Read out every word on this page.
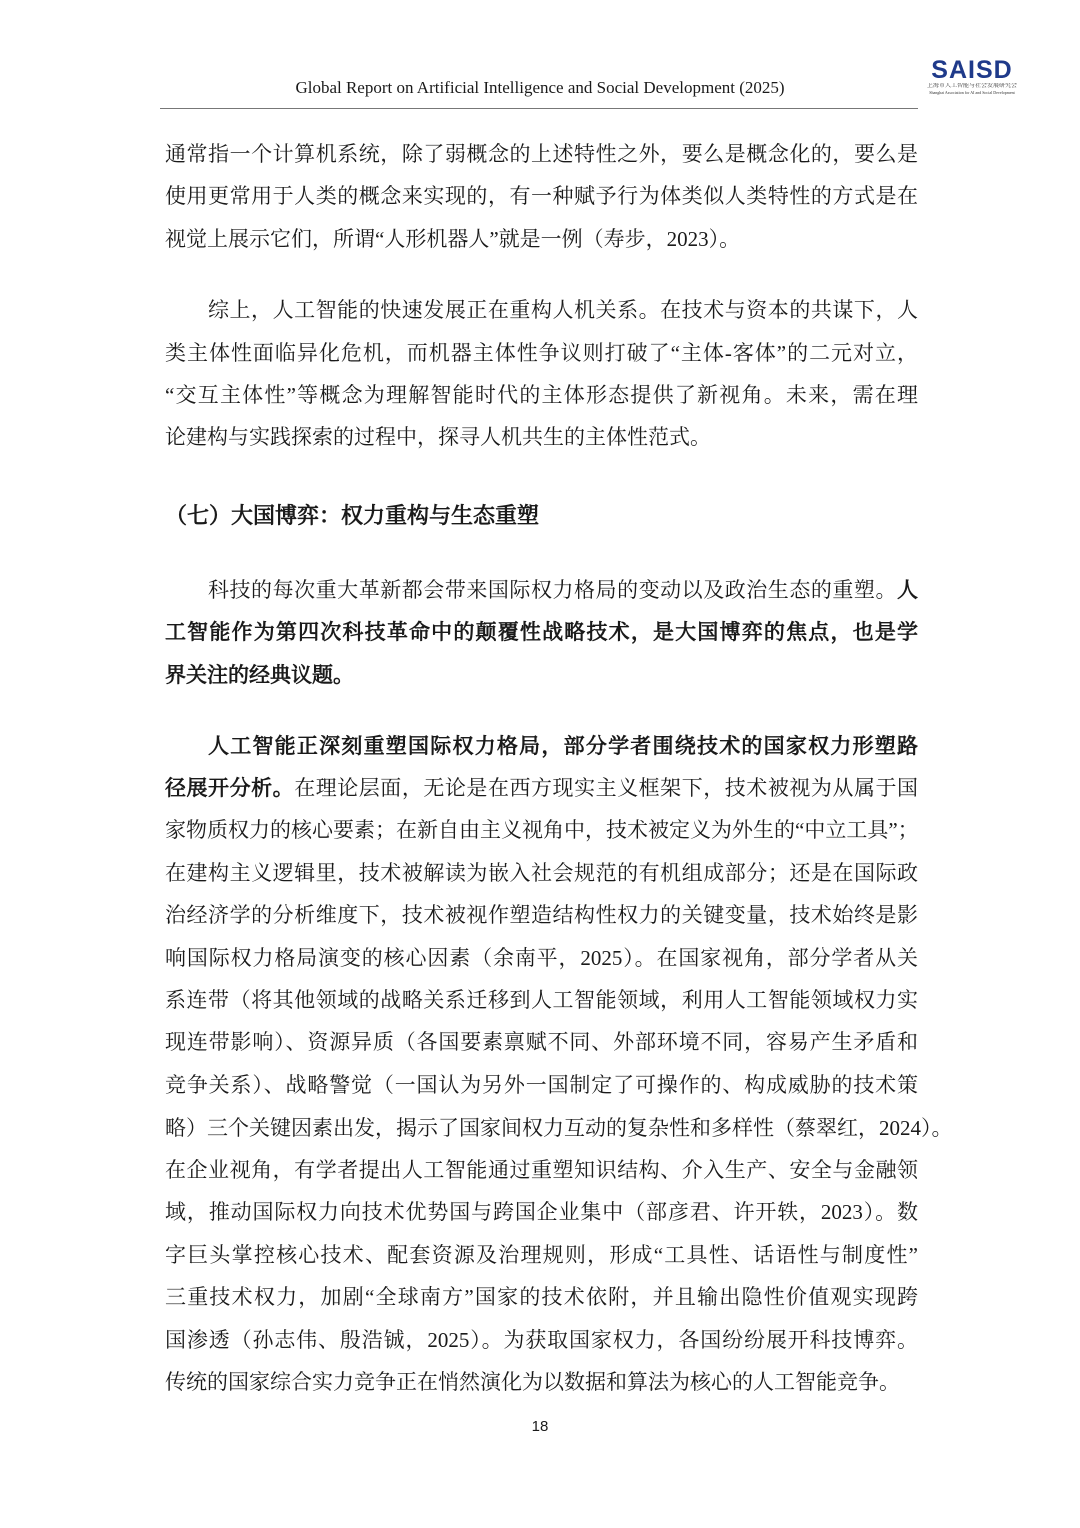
Global Report on Artificial Intelligence and Social Development (2025)
SAISD
上海市人工智能与社会发展研究会
Shanghai Association for AI and Social Development
通常指一个计算机系统，除了弱概念的上述特性之外，要么是概念化的，要么是
使用更常用于人类的概念来实现的，有一种赋予行为体类似人类特性的方式是在
视觉上展示它们，所谓“人形机器人”就是一例（寿步，2023）。
综上，人工智能的快速发展正在重构人机关系。在技术与资本的共谋下，人
类主体性面临异化危机，而机器主体性争议则打破了“主体-客体”的二元对立，
“交互主体性”等概念为理解智能时代的主体形态提供了新视角。未来，需在理
论建构与实践探索的过程中，探寻人机共生的主体性范式。
（七）大国博弈：权力重构与生态重塑
科技的每次重大革新都会带来国际权力格局的变动以及政治生态的重塑。人
工智能作为第四次科技革命中的颠覆性战略技术，是大国博弈的焦点，也是学
界关注的经典议题。
人工智能正深刻重塑国际权力格局，部分学者围绕技术的国家权力形塑路
径展开分析。在理论层面，无论是在西方现实主义框架下，技术被视为从属于国
家物质权力的核心要素；在新自由主义视角中，技术被定义为外生的“中立工具”；
在建构主义逻辑里，技术被解读为嵌入社会规范的有机组成部分；还是在国际政
治经济学的分析维度下，技术被视作塑造结构性权力的关键变量，技术始终是影
响国际权力格局演变的核心因素（余南平，2025）。在国家视角，部分学者从关
系连带（将其他领域的战略关系迁移到人工智能领域，利用人工智能领域权力实
现连带影响）、资源异质（各国要素禀赋不同、外部环境不同，容易产生矛盾和
竞争关系）、战略警觉（一国认为另外一国制定了可操作的、构成威胁的技术策
略）三个关键因素出发，揭示了国家间权力互动的复杂性和多样性（蔡翠红，2024）。
在企业视角，有学者提出人工智能通过重塑知识结构、介入生产、安全与金融领
域，推动国际权力向技术优势国与跨国企业集中（部彦君、许开轶，2023）。数
字巨头掌控核心技术、配套资源及治理规则，形成“工具性、话语性与制度性”
三重技术权力，加剧“全球南方”国家的技术依附，并且输出隐性价值观实现跨
国渗透（孙志伟、殷浩铖，2025）。为获取国家权力，各国纷纷展开科技博弈。
传统的国家综合实力竞争正在悄然演化为以数据和算法为核心的人工智能竞争。
18
